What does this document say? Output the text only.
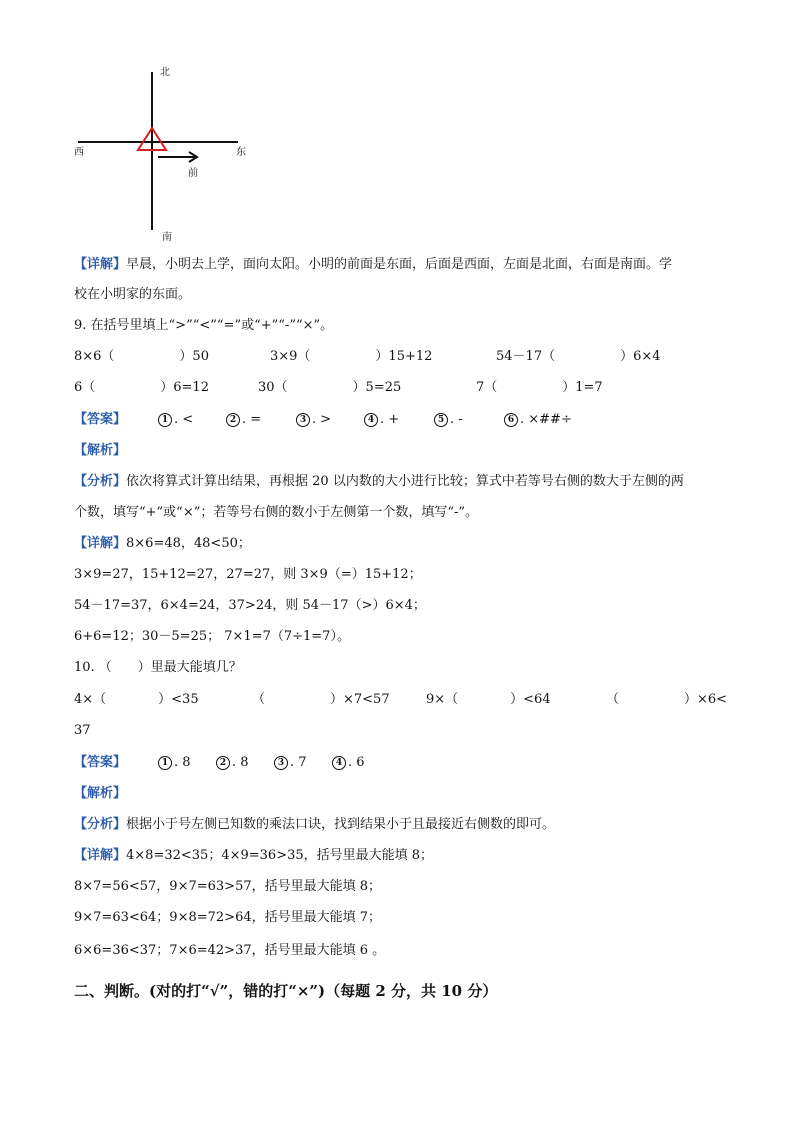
北
西	东
前
南
【详解】早晨，小明去上学，面向太阳。小明的前面是东面，后面是西面，左面是北面，右面是南面。学
校在小明家的东面。
9. 在括号里填上“>”“<”“=”或“+”“-”“×”。
8×6（　　　　　）50	3×9（　　　　　）15+12	54－17（　　　　　）6×4
6（　　　　　）6=12	30（　　　　　）5=25	7（　　　　　）1=7
【答案】	1 . <	2 . =	3 . >	4 . +	5 . -	6 . ×##÷
【解析】
【分析】依次将算式计算出结果，再根据 20 以内数的大小进行比较；算式中若等号右侧的数大于左侧的两
个数，填写“+”或“×”；若等号右侧的数小于左侧第一个数，填写“-”。
【详解】8×6=48，48<50；
3×9=27，15+12=27，27=27，则 3×9（=）15+12；
54－17=37，6×4=24，37>24，则 54－17（>）6×4；
6+6=12；30－5=25； 7×1=7（7÷1=7）。
10. （　　）里最大能填几？
4×（　　　　）<35	（　　　　　）×7<57	9×（　　　　）<64	（　　　　　）×6<
37
【答案】	1 . 8	2 . 8	3 . 7	4 . 6
【解析】
【分析】根据小于号左侧已知数的乘法口诀，找到结果小于且最接近右侧数的即可。
【详解】4×8=32<35；4×9=36>35，括号里最大能填 8；
8×7=56<57，9×7=63>57，括号里最大能填 8；
9×7=63<64；9×8=72>64，括号里最大能填 7；
6×6=36<37；7×6=42>37，括号里最大能填 6 。
二、判断。(对的打“√”，错的打“×”)（每题 2 分，共 10 分）
